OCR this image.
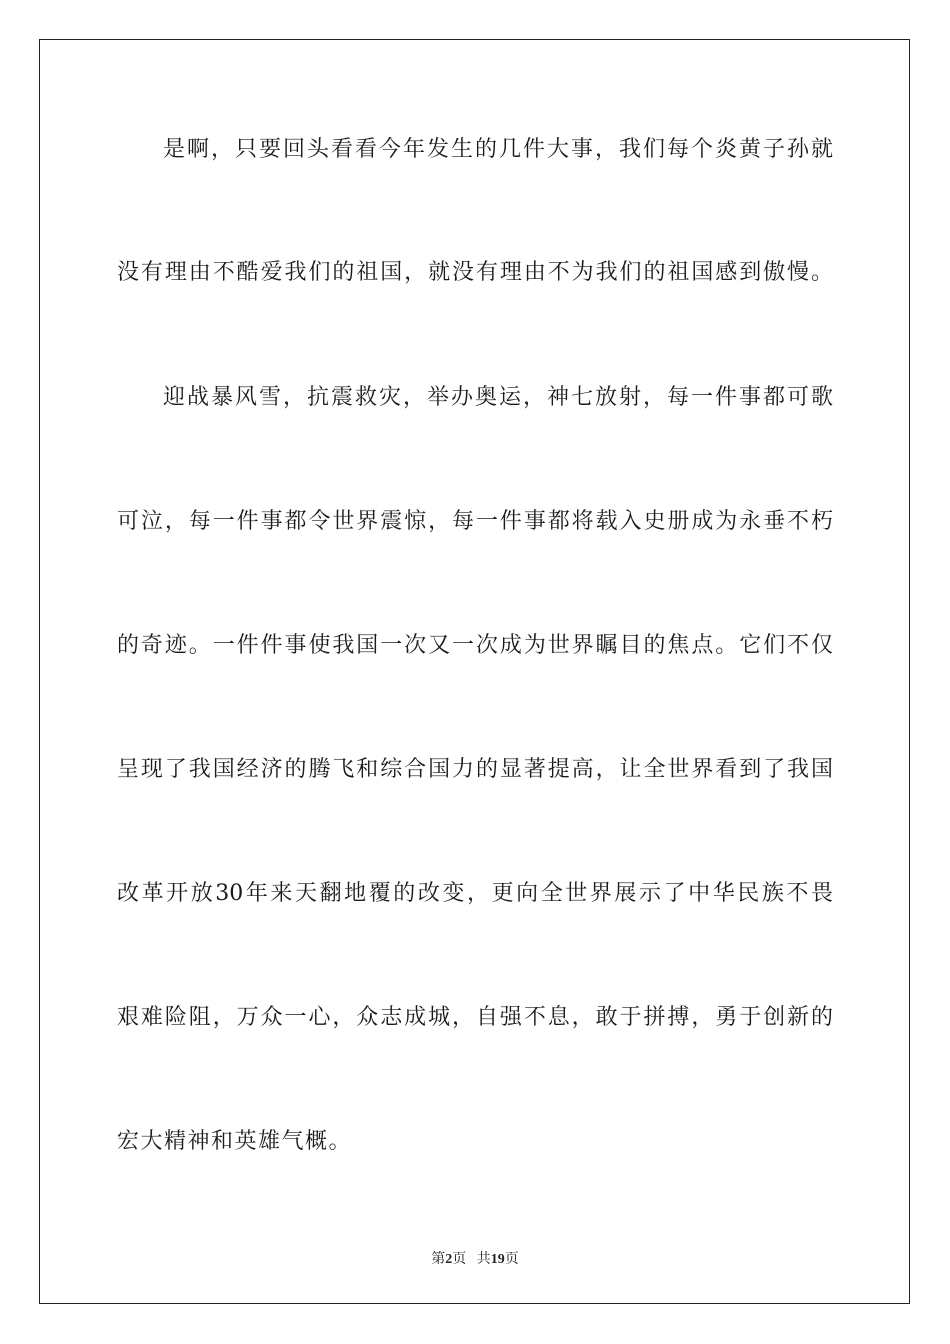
是啊，只要回头看看今年发生的几件大事，我们每个炎黄子孙就
没有理由不酷爱我们的祖国，就没有理由不为我们的祖国感到傲慢。
迎战暴风雪，抗震救灾，举办奥运，神七放射，每一件事都可歌
可泣，每一件事都令世界震惊，每一件事都将载入史册成为永垂不朽
的奇迹。一件件事使我国一次又一次成为世界瞩目的焦点。它们不仅
呈现了我国经济的腾飞和综合国力的显著提高，让全世界看到了我国
改革开放30年来天翻地覆的改变，更向全世界展示了中华民族不畏
艰难险阻，万众一心，众志成城，自强不息，敢于拼搏，勇于创新的
宏大精神和英雄气概。
第2页 共19页
